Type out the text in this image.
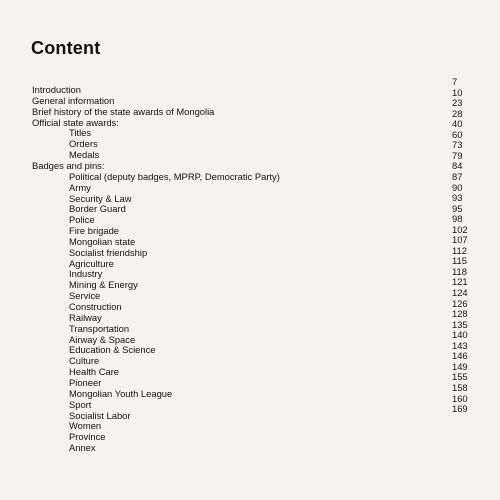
Content
Introduction
7
General information
10
Brief history of the state awards of Mongolia
23
Official state awards:
Titles
28
Orders
40
Medals
60
Badges and pins:
Political (deputy badges, MPRP, Democratic Party)
73
Army
79
Security & Law
84
Border Guard
87
Police
90
Fire brigade
93
Mongolian state
95
Socialist friendship
98
Agriculture
102
Industry
107
Mining & Energy
112
Service
115
Construction
118
Railway
121
Transportation
124
Airway & Space
126
Education & Science
128
Culture
135
Health Care
140
Pioneer
143
Mongolian Youth League
146
Sport
149
Socialist Labor
155
Women
158
Province
160
Annex
169
